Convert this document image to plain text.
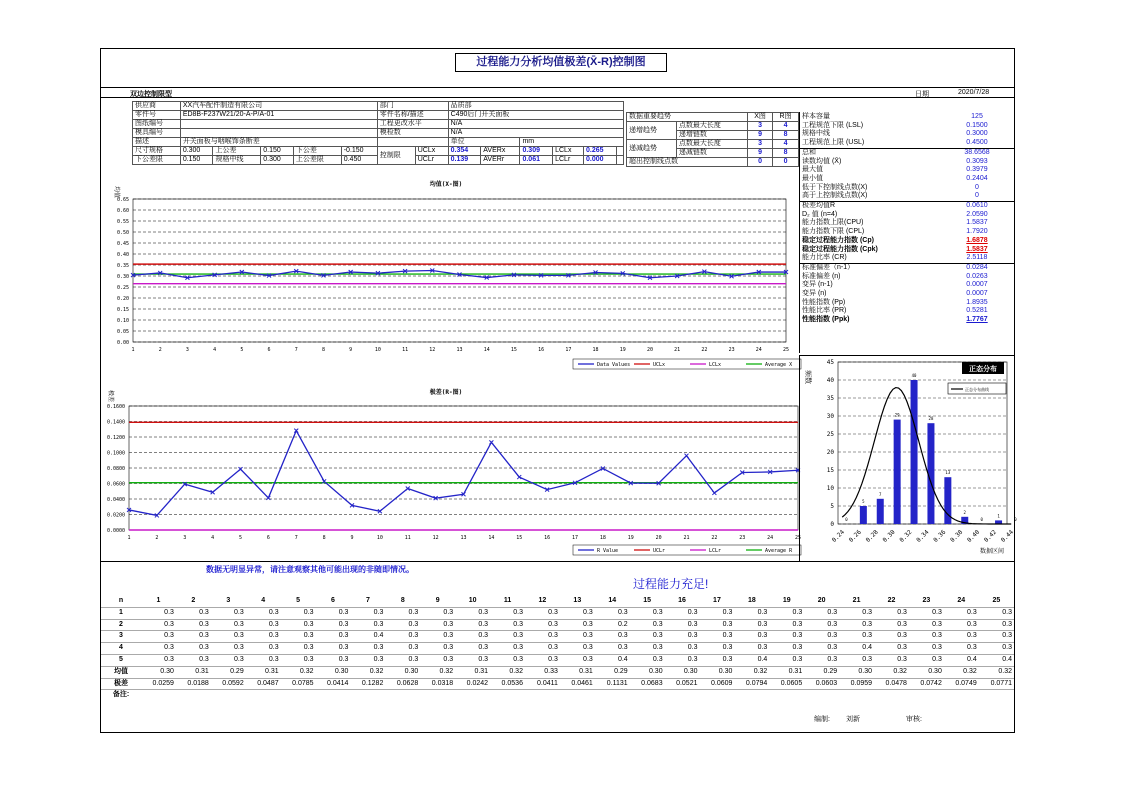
过程能力分析均值极差(X̄-R)控制图
双边控制限型	日期	2020/7/28
供应商	XX汽车配件制造有限公司					部门		品质部					
零件号	ED8B-F237W21/20-A-P/A-01					零件名称/描述		C490后门开关面板					
图纸编号						工程更改水平		N/A					
模具编号						模检数		N/A					
描述	开关面板与咽喉饰条断差							单位		mm			
尺寸规格	0.300	上公差	0.150	下公差	-0.150	控制限	UCLx	0.354	AVERx	0.309	LCLx	0.265	
下公差限	0.150	规格中线	0.300	上公差限	0.450		UCLr	0.139	AVERr	0.061	LCLr	0.000	
数据重要趋势		X图	R图
递增趋势	点数最大长度	3	4
	递增链数	9	8
递减趋势	点数最大长度	3	4
	递减链数	9	8
超出控制线点数		0	0
样本容量	125
工程规范下限 (LSL)	0.1500
规格中线	0.3000
工程规范上限 (USL)	0.4500
总和	38.6568
读数均值 (X̄)	0.3093
最大值	0.3979
最小值	0.2404
低于下控制线点数(X)	0
高于上控制线点数(X)	0
极差均值R̄	0.0610
D₂ 值 (n=4)	2.0590
能力指数上限(CPU)	1.5837
能力指数下限 (CPL)	1.7920
稳定过程能力指数 (Cp)	1.6878
稳定过程能力指数 (Cpk)	1.5837
能力比率 (CR)	2.5118
标准偏差（n-1）	0.0284
标准偏差 (n)	0.0263
变异 (n-1)	0.0007
变异 (n)	0.0007
性能指数 (Pp)	1.8935
性能比率 (PR)	0.5281
性能指数 (Ppk)	1.7767
均值
均值(X-图)
0.00
0.05
0.10
0.15
0.20
0.25
0.30
0.35
0.40
0.45
0.50
0.55
0.60
0.65
1	2	3	4	5	6	7	8	9	10	11	12	13	14	15	16	17	18	19	20	21	22	23	24	25
Data Values	UCLx	LCLx	Average X
极差	极差(R-图)
0.0000
0.0200
0.0400
0.0600
0.0800
0.1000
0.1200
0.1400
0.1600
1	2	3	4	5	6	7	8	9	10	11	12	13	14	15	16	17	18	19	20	21	22	23	24	25
R Value	UCLr	LCLr	Average R
频数
正态分布
正态分布曲线
数据区间
0
5
10
15
20
25
30
35
40
45
0.24 0.26 0.28 0.30 0.32 0.34 0.36 0.38 0.40 0.42 0.44
0
5
7
29
40
28
13
2
0
1
0
数据无明显异常，请注意观察其他可能出现的非随即情况。
过程能力充足!
n	1	2	3	4	5	6	7	8	9	10	11	12	13	14	15	16	17	18	19	20	21	22	23	24	25
1	0.3	0.3	0.3	0.3	0.3	0.3	0.3	0.3	0.3	0.3	0.3	0.3	0.3	0.3	0.3	0.3	0.3	0.3	0.3	0.3	0.3	0.3	0.3	0.3	0.3
2	0.3	0.3	0.3	0.3	0.3	0.3	0.3	0.3	0.3	0.3	0.3	0.3	0.3	0.2	0.3	0.3	0.3	0.3	0.3	0.3	0.3	0.3	0.3	0.3	0.3
3	0.3	0.3	0.3	0.3	0.3	0.3	0.4	0.3	0.3	0.3	0.3	0.3	0.3	0.3	0.3	0.3	0.3	0.3	0.3	0.3	0.3	0.3	0.3	0.3	0.3
4	0.3	0.3	0.3	0.3	0.3	0.3	0.3	0.3	0.3	0.3	0.3	0.3	0.3	0.3	0.3	0.3	0.3	0.3	0.3	0.3	0.4	0.3	0.3	0.3	0.3
5	0.3	0.3	0.3	0.3	0.3	0.3	0.3	0.3	0.3	0.3	0.3	0.3	0.3	0.4	0.3	0.3	0.3	0.4	0.3	0.3	0.3	0.3	0.3	0.4	0.4
均值	0.30	0.31	0.29	0.31	0.32	0.30	0.32	0.30	0.32	0.31	0.32	0.33	0.31	0.29	0.30	0.30	0.30	0.32	0.31	0.29	0.30	0.32	0.30	0.32	0.32
极差	0.0259	0.0188	0.0592	0.0487	0.0785	0.0414	0.1282	0.0628	0.0318	0.0242	0.0536	0.0411	0.0461	0.1131	0.0683	0.0521	0.0609	0.0794	0.0605	0.0603	0.0959	0.0478	0.0742	0.0749	0.0771
备注:																									
编制: 刘新	审核:
